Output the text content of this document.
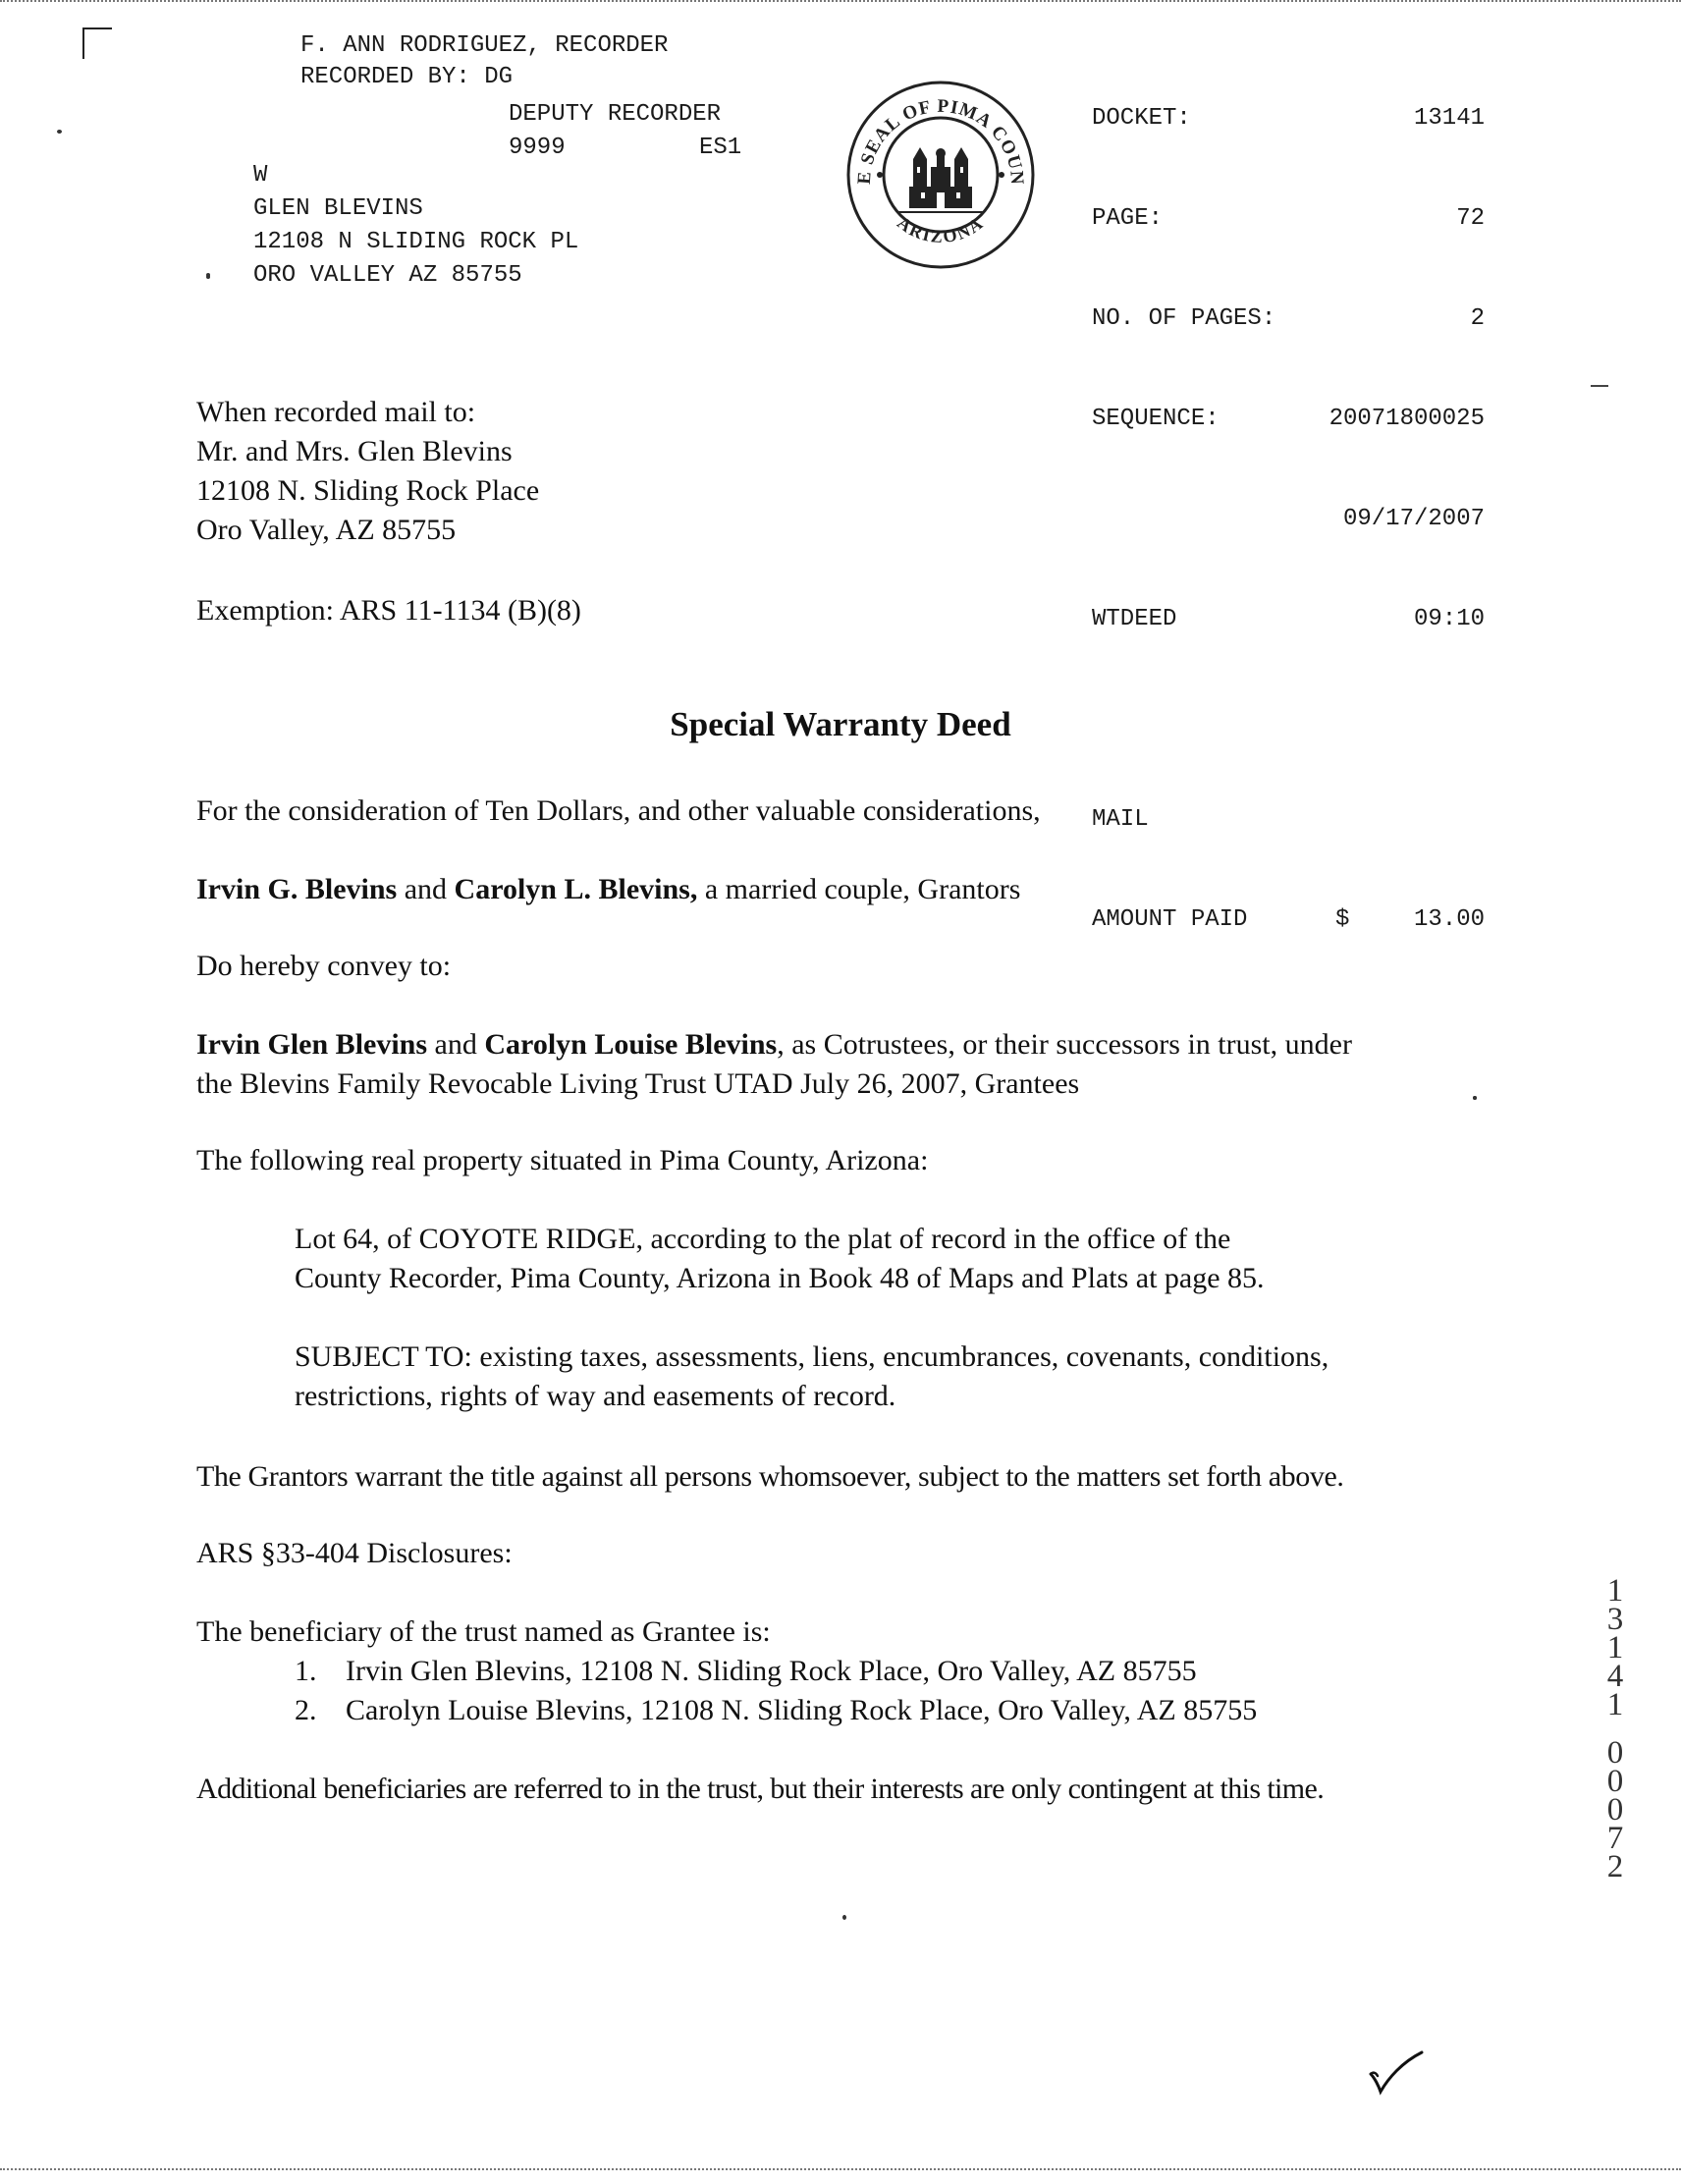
F. ANN RODRIGUEZ, RECORDER
RECORDED BY: DG
DEPUTY RECORDER
9999	ES1
W
GLEN BLEVINS
12108 N SLIDING ROCK PL
ORO VALLEY AZ 85755
E SEAL OF PIMA COUN
ARIZONA

DOCKET:	13141

PAGE:	72

NO. OF PAGES:	2

SEQUENCE:	20071800025

09/17/2007

WTDEED	09:10

MAIL

AMOUNT PAID	$	13.00

When recorded mail to:
Mr. and Mrs. Glen Blevins
12108 N. Sliding Rock Place
Oro Valley, AZ 85755
Exemption: ARS 11-1134 (B)(8)
Special Warranty Deed
For the consideration of Ten Dollars, and other valuable considerations,
Irvin G. Blevins and Carolyn L. Blevins, a married couple, Grantors
Do hereby convey to:
Irvin Glen Blevins and Carolyn Louise Blevins, as Cotrustees, or their successors in trust, under
the Blevins Family Revocable Living Trust UTAD July 26, 2007, Grantees
The following real property situated in Pima County, Arizona:
Lot 64, of COYOTE RIDGE, according to the plat of record in the office of the
County Recorder, Pima County, Arizona in Book 48 of Maps and Plats at page 85.
SUBJECT TO: existing taxes, assessments, liens, encumbrances, covenants, conditions,
restrictions, rights of way and easements of record.
The Grantors warrant the title against all persons whomsoever, subject to the matters set forth above.
ARS §33-404 Disclosures:
The beneficiary of the trust named as Grantee is:
1. Irvin Glen Blevins, 12108 N. Sliding Rock Place, Oro Valley, AZ 85755
2. Carolyn Louise Blevins, 12108 N. Sliding Rock Place, Oro Valley, AZ 85755
Additional beneficiaries are referred to in the trust, but their interests are only contingent at this time.
1
3
1
4
1
0
0
0
7
2
